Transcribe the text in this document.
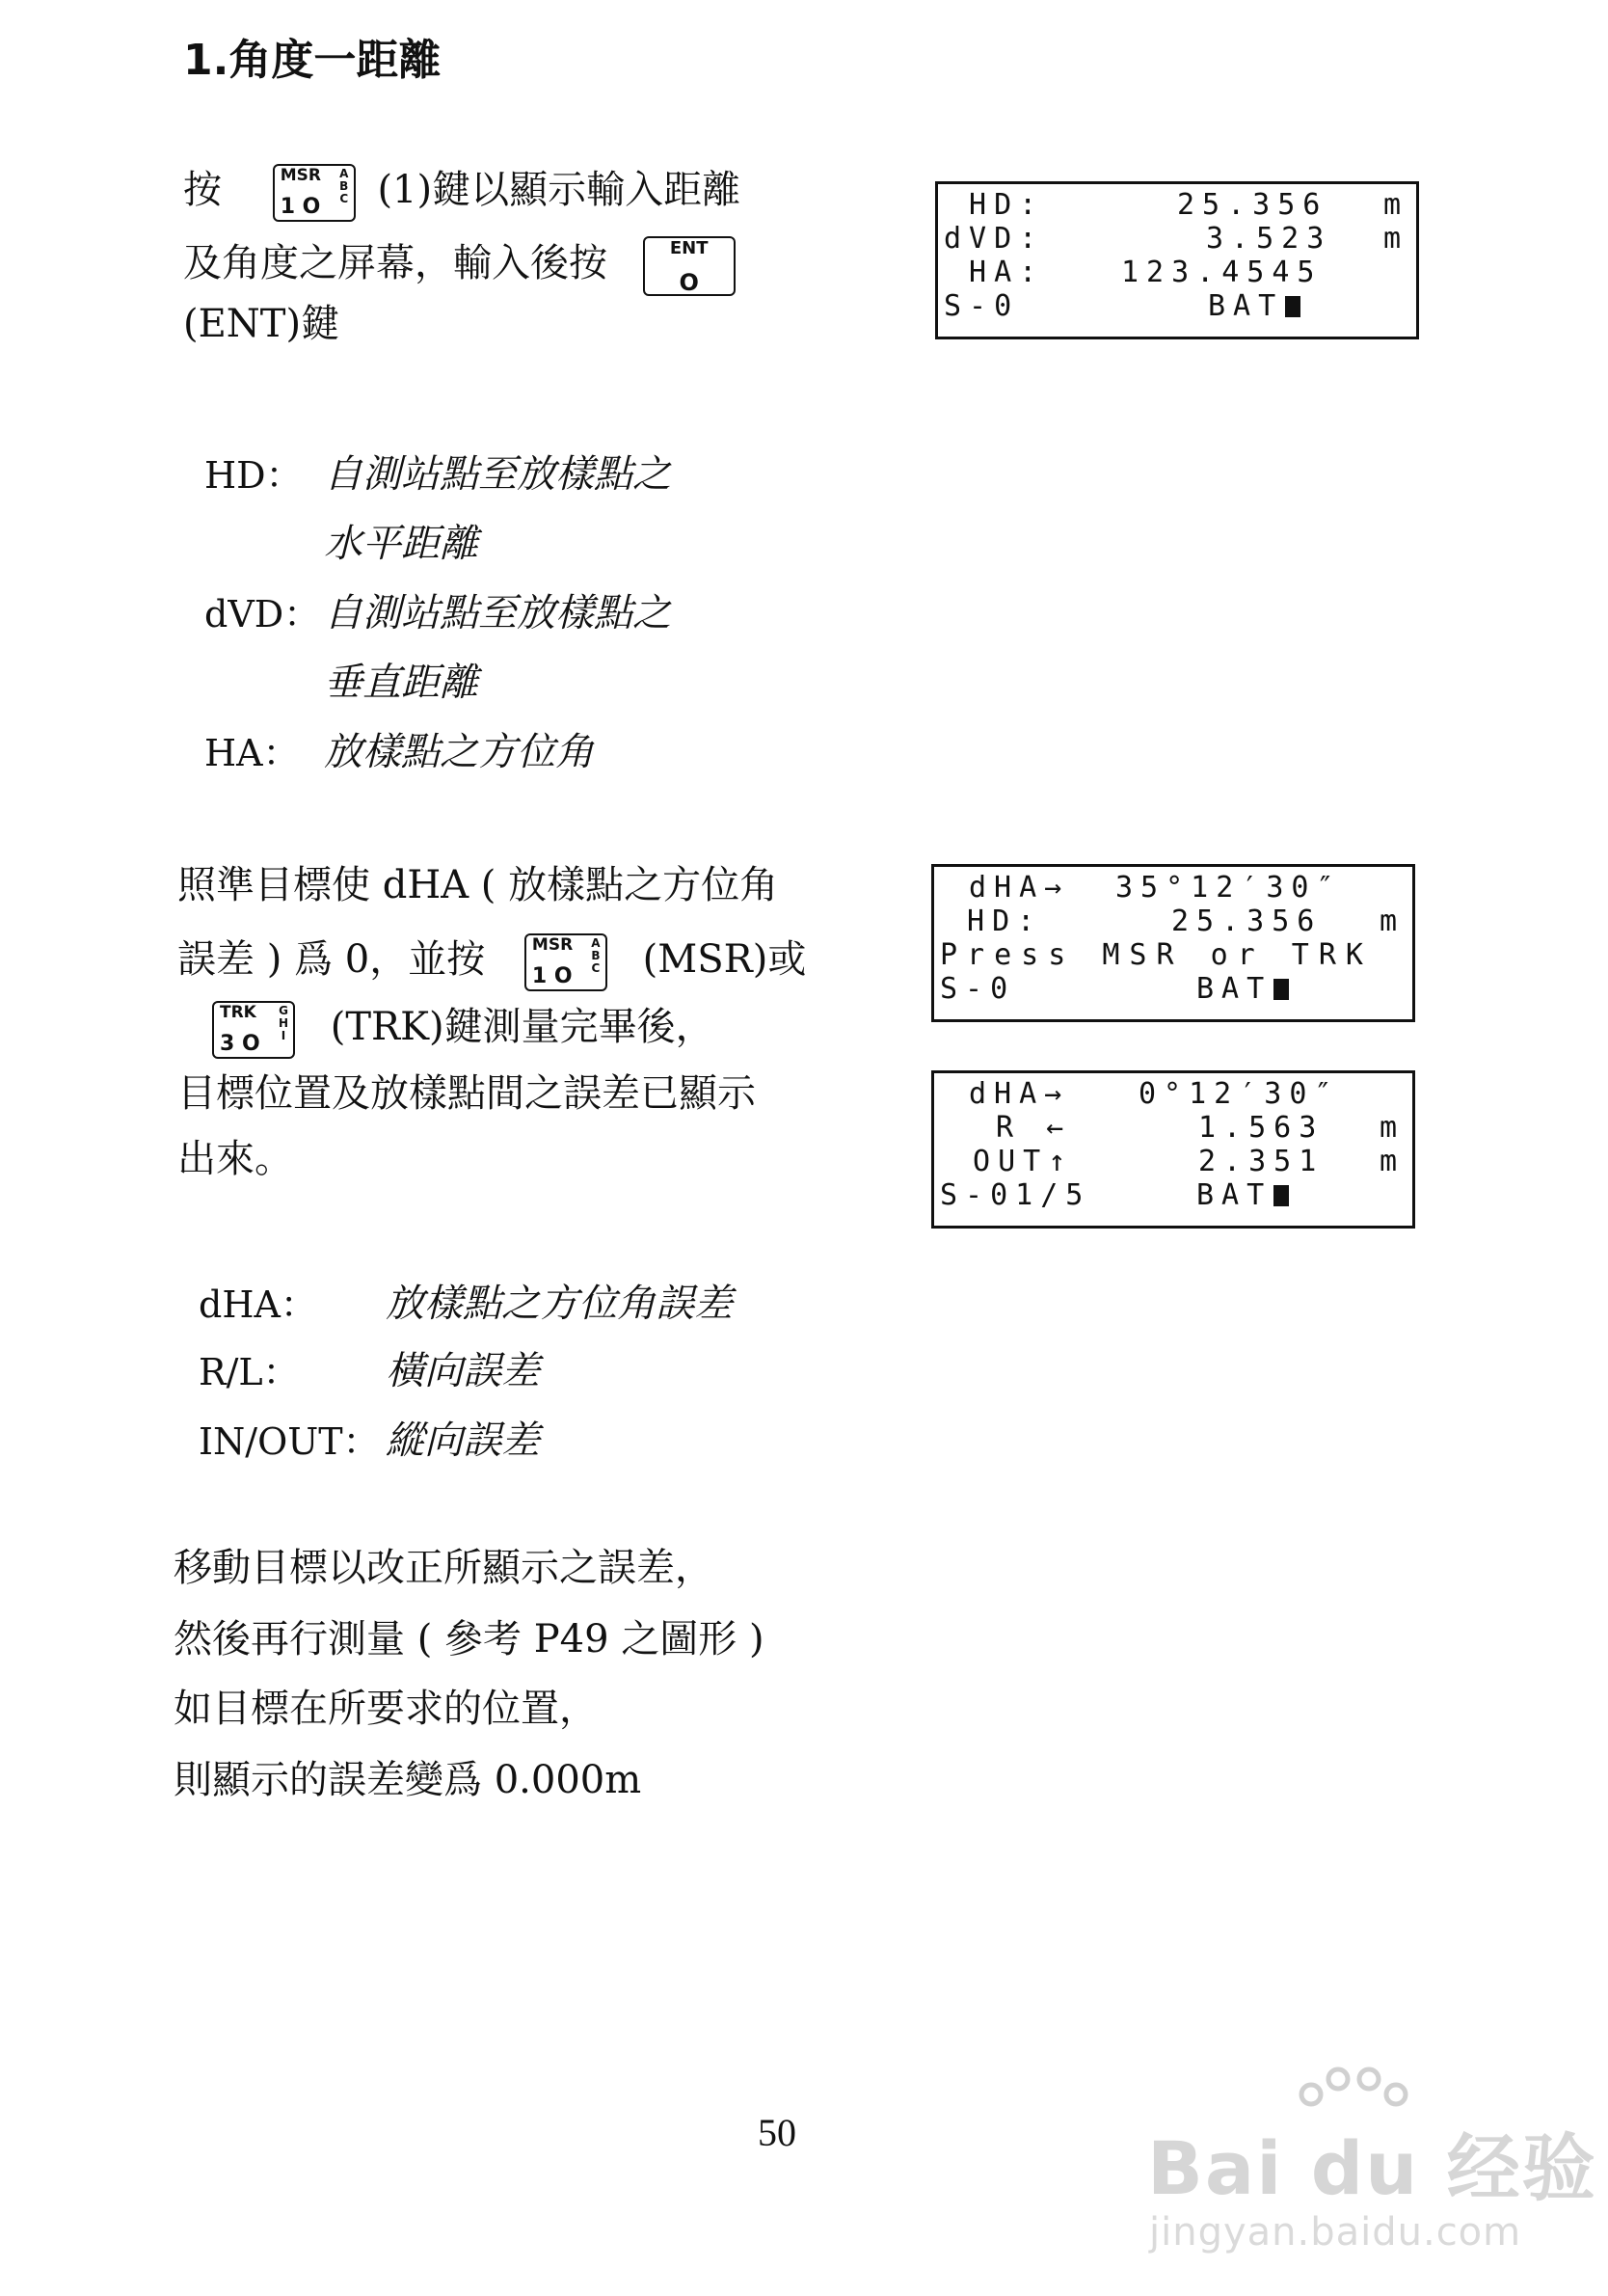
1.角度一距離
按	MSR
1 O
A B C (1)鍵以顯示輸入距離
及角度之屏幕，輸入後按	ENT
O
(ENT)鍵
HD:	25.356 m
dVD:	3.523 m
HA:	123.4545
S-0	BAT
HD： 自測站點至放樣點之
水平距離
dVD： 自測站點至放樣點之
垂直距離
HA： 放樣點之方位角
照準目標使 dHA ( 放樣點之方位角
誤差 ) 爲 0，並按	MSR
1 O
A B C (MSR)或
TRK
3 O
G H I (TRK)鍵測量完畢後，
目標位置及放樣點間之誤差已顯示
出來。
dHA→ 35°12′30″
HD:	25.356 m
Press MSR or TRK
S-0	BAT
dHA→ 0°12′30″
R ←	1.563 m
OUT↑	2.351 m
S-01/5	BAT
dHA： 放樣點之方位角誤差
R/L： 橫向誤差
IN/OUT： 縱向誤差
移動目標以改正所顯示之誤差，
然後再行測量 ( 參考 P49 之圖形 )
如目標在所要求的位置，
則顯示的誤差變爲 0.000m
50	Bai du 经验
jingyan.baidu.com
